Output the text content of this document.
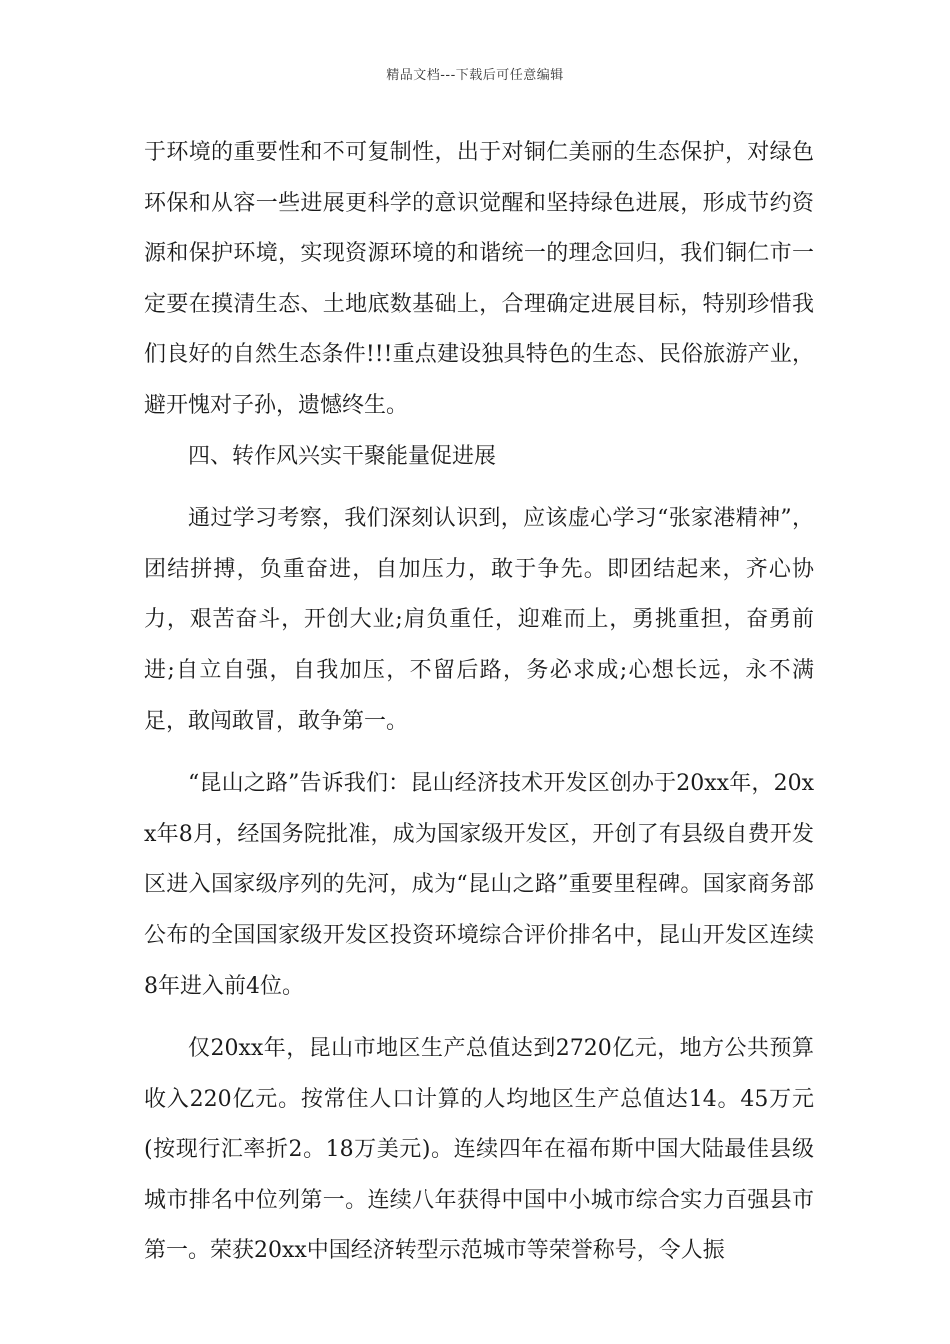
精品文档---下载后可任意编辑

于环境的重要性和不可复制性，出于对铜仁美丽的生态保护，对绿色环保和从容一些进展更科学的意识觉醒和坚持绿色进展，形成节约资源和保护环境，实现资源环境的和谐统一的理念回归，我们铜仁市一定要在摸清生态、土地底数基础上，合理确定进展目标，特别珍惜我们良好的自然生态条件!!!重点建设独具特色的生态、民俗旅游产业，避开愧对子孙，遗憾终生。

四、转作风兴实干聚能量促进展

通过学习考察，我们深刻认识到，应该虚心学习“张家港精神”，团结拼搏，负重奋进，自加压力，敢于争先。即团结起来，齐心协力，艰苦奋斗，开创大业;肩负重任，迎难而上，勇挑重担，奋勇前进;自立自强，自我加压，不留后路，务必求成;心想长远，永不满足，敢闯敢冒，敢争第一。

“昆山之路”告诉我们：昆山经济技术开发区创办于20xx年，20xx年8月，经国务院批准，成为国家级开发区，开创了有县级自费开发区进入国家级序列的先河，成为“昆山之路”重要里程碑。国家商务部公布的全国国家级开发区投资环境综合评价排名中，昆山开发区连续8年进入前4位。

仅20xx年，昆山市地区生产总值达到2720亿元，地方公共预算收入220亿元。按常住人口计算的人均地区生产总值达14。45万元(按现行汇率折2。18万美元)。连续四年在福布斯中国大陆最佳县级城市排名中位列第一。连续八年获得中国中小城市综合实力百强县市第一。荣获20xx中国经济转型示范城市等荣誉称号，令人振
